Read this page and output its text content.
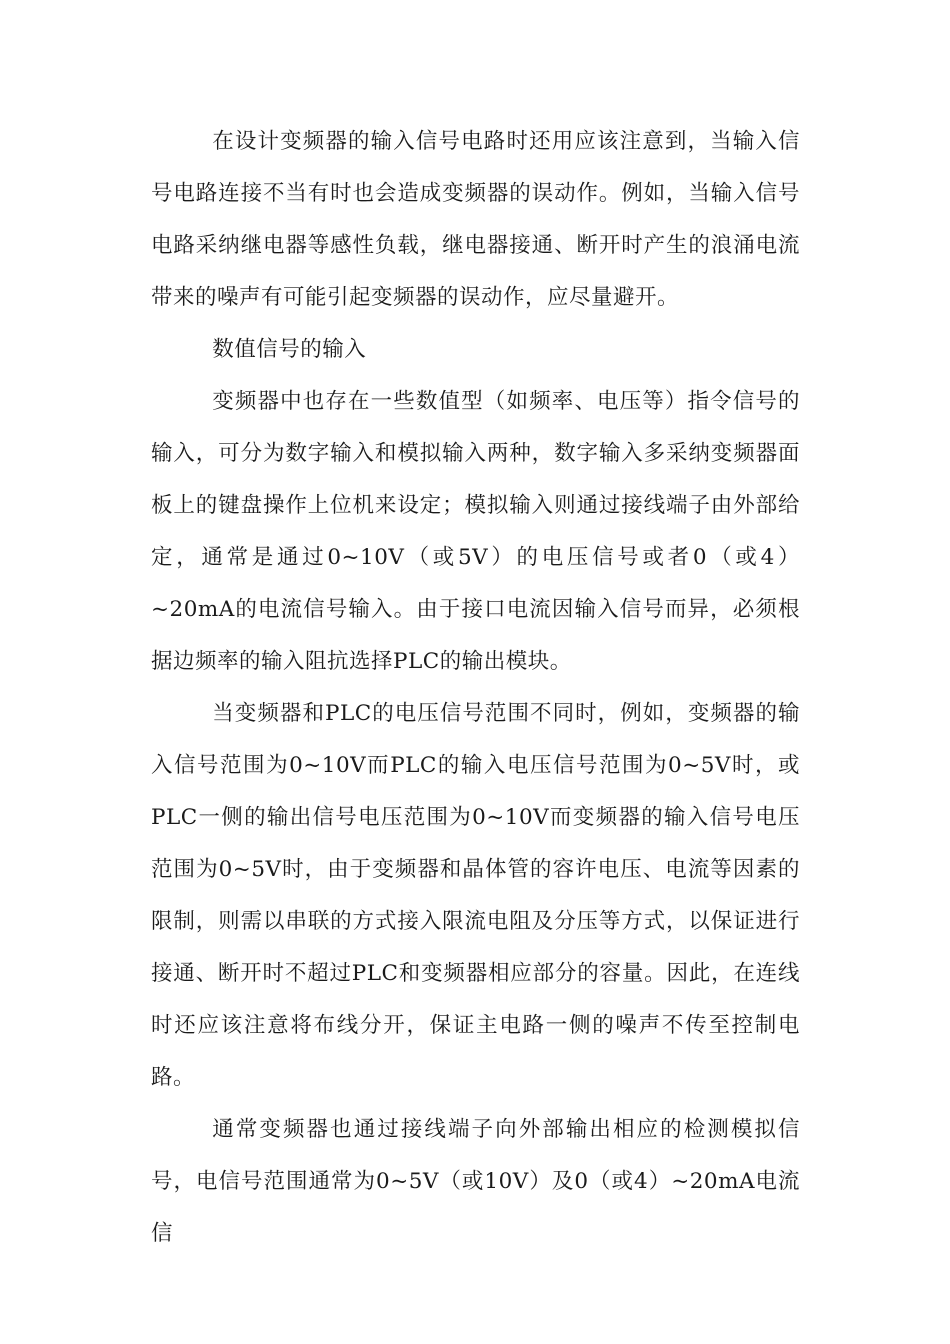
在设计变频器的输入信号电路时还用应该注意到，当输入信号电路连接不当有时也会造成变频器的误动作。例如，当输入信号电路采纳继电器等感性负载，继电器接通、断开时产生的浪涌电流带来的噪声有可能引起变频器的误动作，应尽量避开。

数值信号的输入

变频器中也存在一些数值型（如频率、电压等）指令信号的输入，可分为数字输入和模拟输入两种，数字输入多采纳变频器面板上的键盘操作上位机来设定；模拟输入则通过接线端子由外部给定，通常是通过0~10V（或5V）的电压信号或者0（或4）~20mA的电流信号输入。由于接口电流因输入信号而异，必须根据边频率的输入阻抗选择PLC的输出模块。

当变频器和PLC的电压信号范围不同时，例如，变频器的输入信号范围为0~10V而PLC的输入电压信号范围为0~5V时，或PLC一侧的输出信号电压范围为0~10V而变频器的输入信号电压范围为0~5V时，由于变频器和晶体管的容许电压、电流等因素的限制，则需以串联的方式接入限流电阻及分压等方式，以保证进行接通、断开时不超过PLC和变频器相应部分的容量。因此，在连线时还应该注意将布线分开，保证主电路一侧的噪声不传至控制电路。

通常变频器也通过接线端子向外部输出相应的检测模拟信号，电信号范围通常为0~5V（或10V）及0（或4）~20mA电流信
